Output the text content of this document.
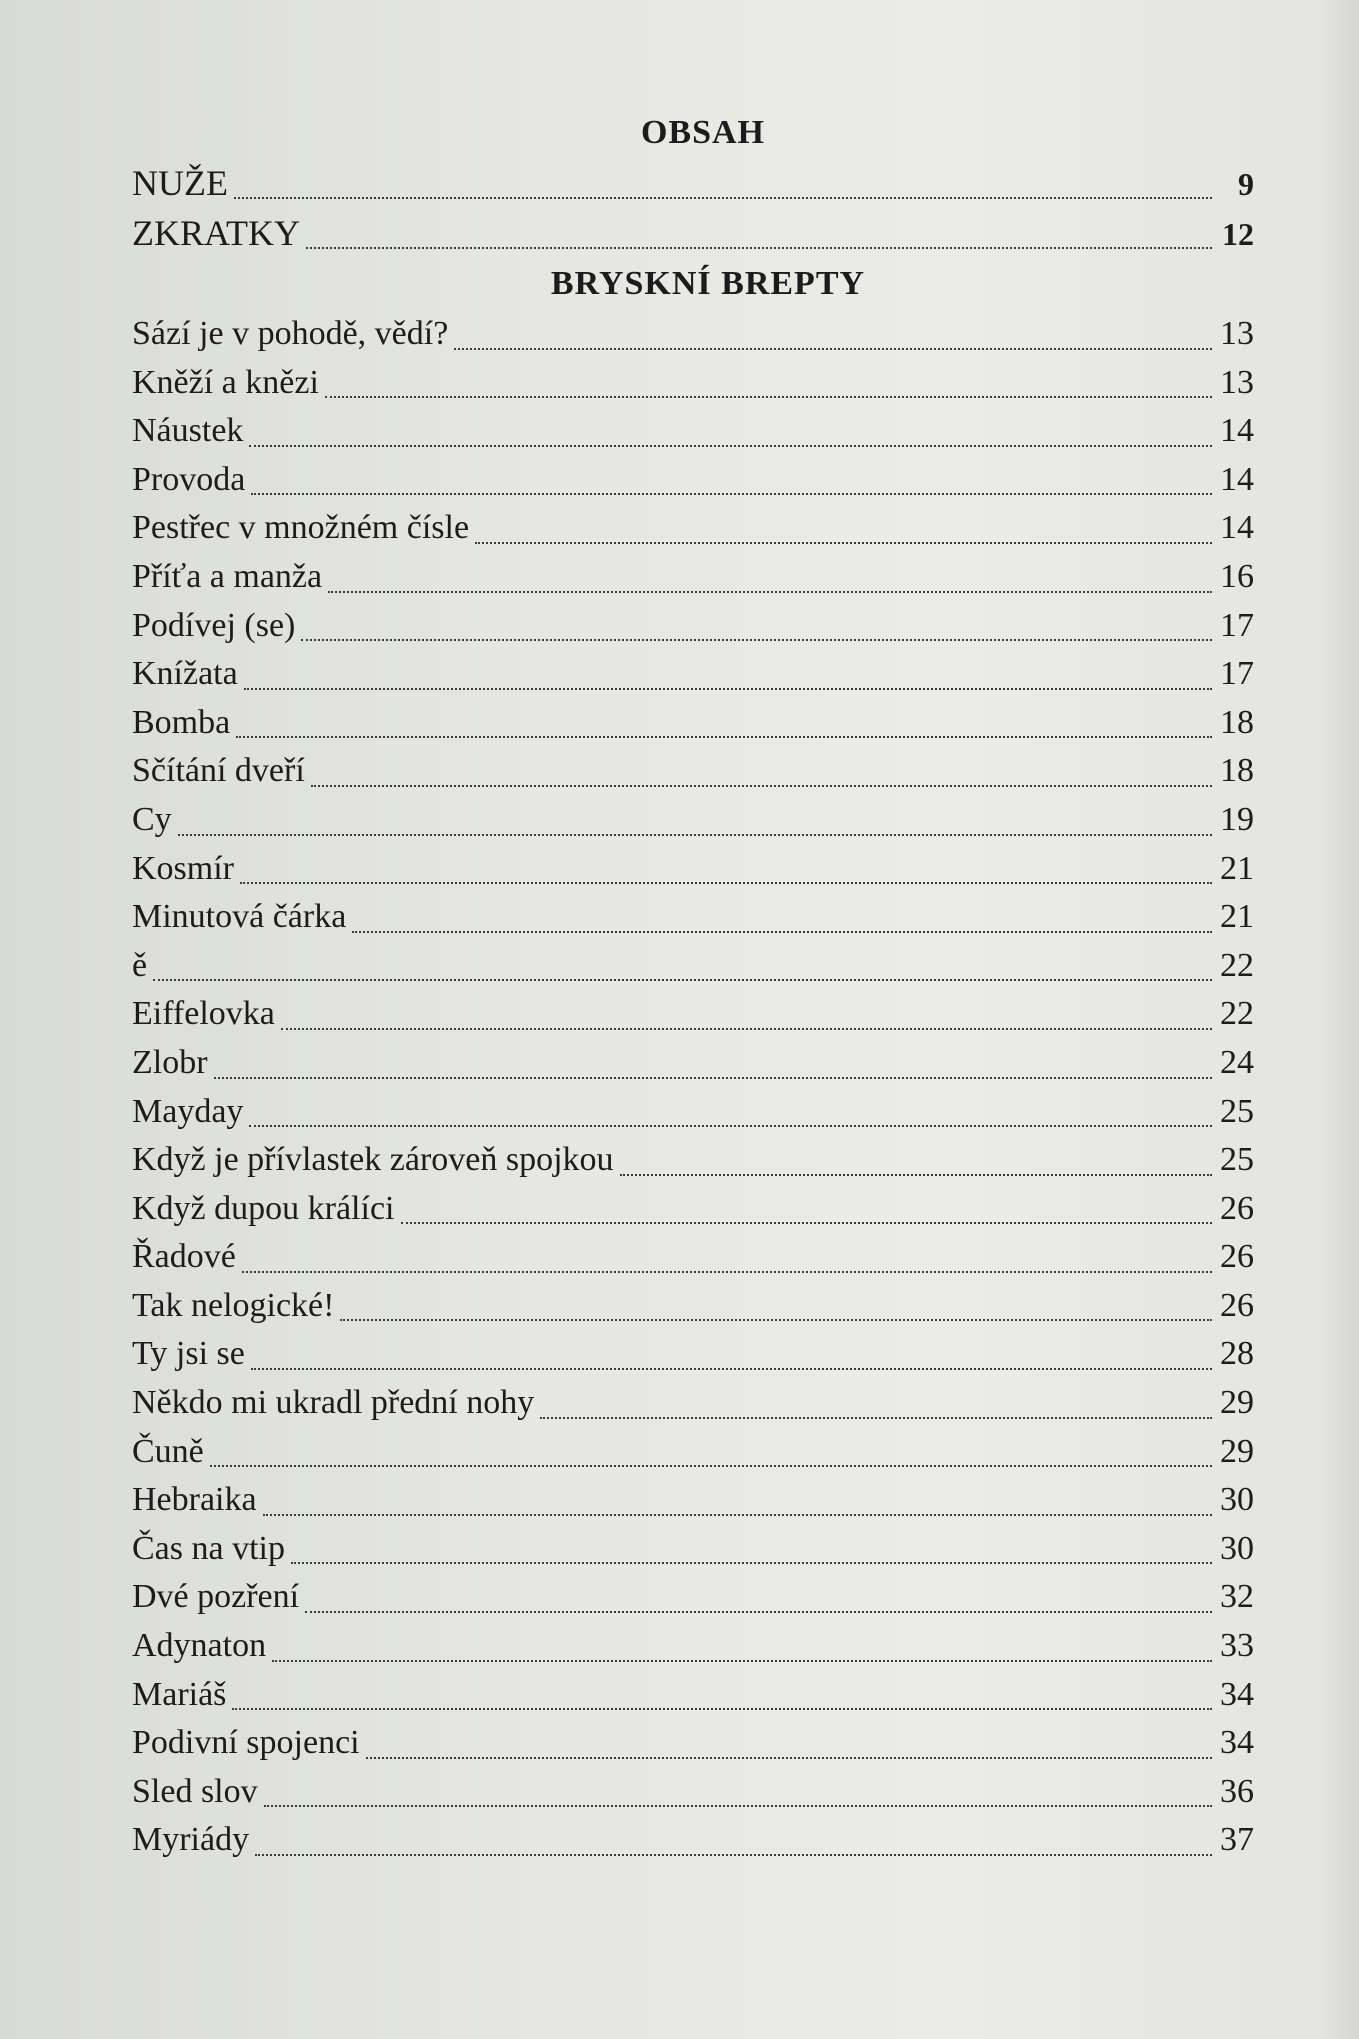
OBSAH
NUŽE	9
ZKRATKY	12
BRYSKNÍ BREPTY
Sází je v pohodě, vědí?	13
Kněží a knězi	13
Náustek	14
Provoda	14
Pestřec v množném čísle	14
Příťa a manža	16
Podívej (se)	17
Knížata	17
Bomba	18
Sčítání dveří	18
Cy	19
Kosmír	21
Minutová čárka	21
ě	22
Eiffelovka	22
Zlobr	24
Mayday	25
Když je přívlastek zároveň spojkou	25
Když dupou králíci	26
Řadové	26
Tak nelogické!	26
Ty jsi se	28
Někdo mi ukradl přední nohy	29
Čuně	29
Hebraika	30
Čas na vtip	30
Dvé pozření	32
Adynaton	33
Mariáš	34
Podivní spojenci	34
Sled slov	36
Myriády	37
